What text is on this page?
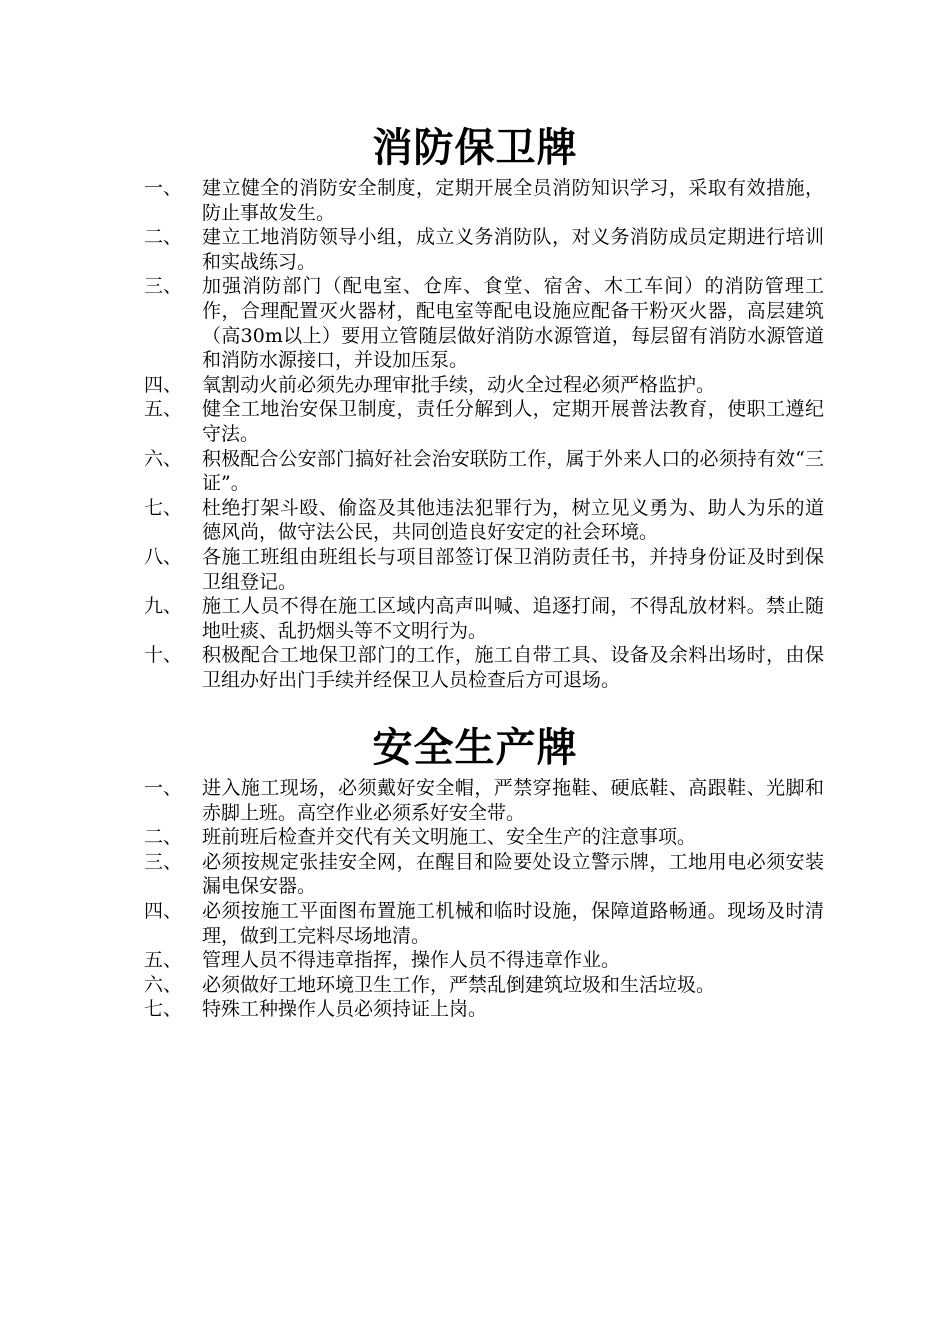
消防保卫牌
一、	建立健全的消防安全制度，定期开展全员消防知识学习，采取有效措施，防止事故发生。
二、	建立工地消防领导小组，成立义务消防队，对义务消防成员定期进行培训和实战练习。
三、	加强消防部门（配电室、仓库、食堂、宿舍、木工车间）的消防管理工作，合理配置灭火器材，配电室等配电设施应配备干粉灭火器，高层建筑（高30m以上）要用立管随层做好消防水源管道，每层留有消防水源管道和消防水源接口，并设加压泵。
四、	氧割动火前必须先办理审批手续，动火全过程必须严格监护。
五、	健全工地治安保卫制度，责任分解到人，定期开展普法教育，使职工遵纪守法。
六、	积极配合公安部门搞好社会治安联防工作，属于外来人口的必须持有效“三证”。
七、	杜绝打架斗殴、偷盗及其他违法犯罪行为，树立见义勇为、助人为乐的道德风尚，做守法公民，共同创造良好安定的社会环境。
八、	各施工班组由班组长与项目部签订保卫消防责任书，并持身份证及时到保卫组登记。
九、	施工人员不得在施工区域内高声叫喊、追逐打闹，不得乱放材料。禁止随地吐痰、乱扔烟头等不文明行为。
十、	积极配合工地保卫部门的工作，施工自带工具、设备及余料出场时，由保卫组办好出门手续并经保卫人员检查后方可退场。
安全生产牌
一、	进入施工现场，必须戴好安全帽，严禁穿拖鞋、硬底鞋、高跟鞋、光脚和赤脚上班。高空作业必须系好安全带。
二、	班前班后检查并交代有关文明施工、安全生产的注意事项。
三、	必须按规定张挂安全网，在醒目和险要处设立警示牌，工地用电必须安装漏电保安器。
四、	必须按施工平面图布置施工机械和临时设施，保障道路畅通。现场及时清理，做到工完料尽场地清。
五、	管理人员不得违章指挥，操作人员不得违章作业。
六、	必须做好工地环境卫生工作，严禁乱倒建筑垃圾和生活垃圾。
七、	特殊工种操作人员必须持证上岗。
